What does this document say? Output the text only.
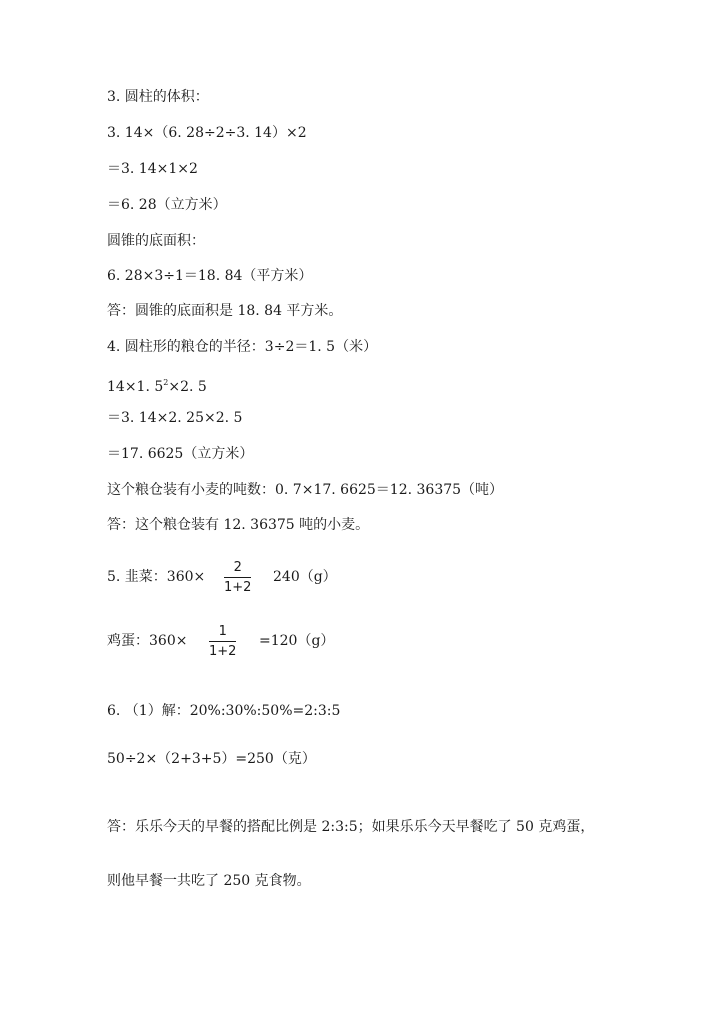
3. 圆柱的体积：
3. 14×（6. 28÷2÷3. 14）×2
＝3. 14×1×2
＝6. 28（立方米）
圆锥的底面积：
6. 28×3÷1＝18. 84（平方米）
答：圆锥的底面积是 18. 84 平方米。
4. 圆柱形的粮仓的半径：3÷2＝1. 5（米）
14×1. $5^2\times 2$. 5
＝3. 14×2. 25×2. 5
＝17. 6625（立方米）
这个粮仓装有小麦的吨数：0. 7×17. 6625＝12. 36375（吨）
答：这个粮仓装有 12. 36375 吨的小麦。
5. 韭菜：360×
2
1+2
240（g）
鸡蛋：360×
1
1+2
=120（g）
6. （1）解：20%:30%:50%=2:3:5
50÷2×（2+3+5）=250（克）
答：乐乐今天的早餐的搭配比例是 2:3:5；如果乐乐今天早餐吃了 50 克鸡蛋，
则他早餐一共吃了 250 克食物。
